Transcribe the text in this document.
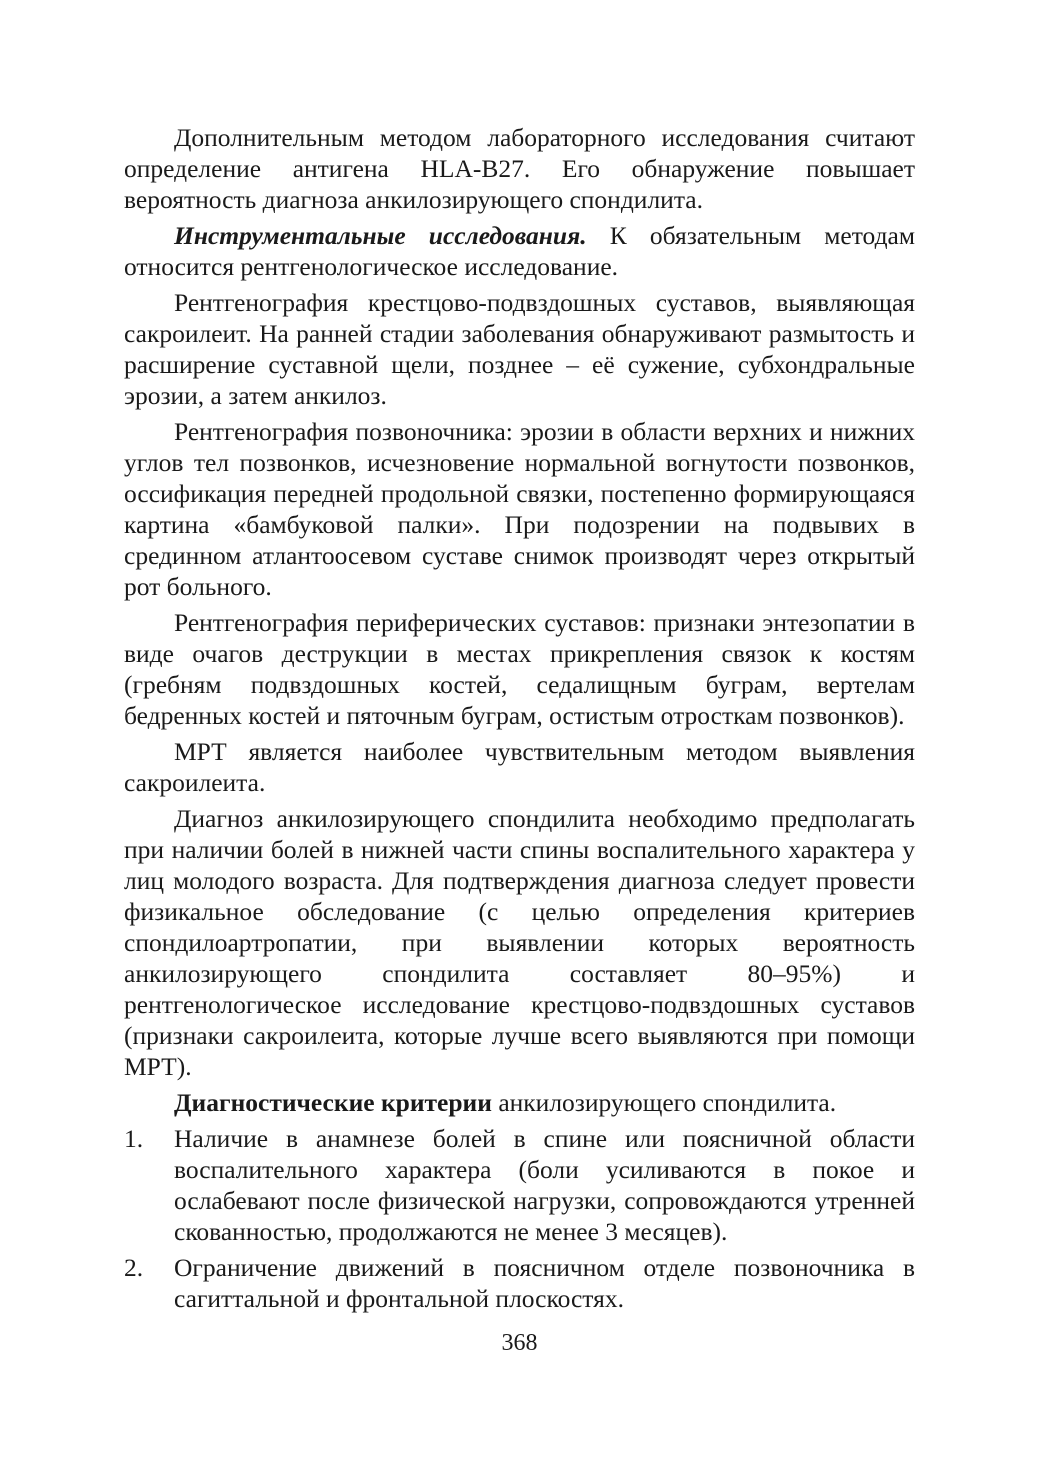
Дополнительным методом лабораторного исследования считают определение антигена HLA-B27. Его обнаружение повышает вероятность диагноза анкилозирующего спондилита.

Инструментальные исследования. К обязательным методам относится рентгенологическое исследование.

Рентгенография крестцово-подвздошных суставов, выявляющая сакроилеит. На ранней стадии заболевания обнаруживают размытость и расширение суставной щели, позднее – её сужение, субхондральные эрозии, а затем анкилоз.

Рентгенография позвоночника: эрозии в области верхних и нижних углов тел позвонков, исчезновение нормальной вогнутости позвонков, оссификация передней продольной связки, постепенно формирующаяся картина «бамбуковой палки». При подозрении на подвывих в срединном атлантоосевом суставе снимок производят через открытый рот больного.

Рентгенография периферических суставов: признаки энтезопатии в виде очагов деструкции в местах прикрепления связок к костям (гребням подвздошных костей, седалищным буграм, вертелам бедренных костей и пяточным буграм, остистым отросткам позвонков).

МРТ является наиболее чувствительным методом выявления сакроилеита.

Диагноз анкилозирующего спондилита необходимо предполагать при наличии болей в нижней части спины воспалительного характера у лиц молодого возраста. Для подтверждения диагноза следует провести физикальное обследование (с целью определения критериев спондилоартропатии, при выявлении которых вероятность анкилозирующего спондилита составляет 80–95%) и рентгенологическое исследование крестцово-подвздошных суставов (признаки сакроилеита, которые лучше всего выявляются при помощи МРТ).

Диагностические критерии анкилозирующего спондилита.

1. Наличие в анамнезе болей в спине или поясничной области воспалительного характера (боли усиливаются в покое и ослабевают после физической нагрузки, сопровождаются утренней скованностью, продолжаются не менее 3 месяцев).
2. Ограничение движений в поясничном отделе позвоночника в сагиттальной и фронтальной плоскостях.
368
